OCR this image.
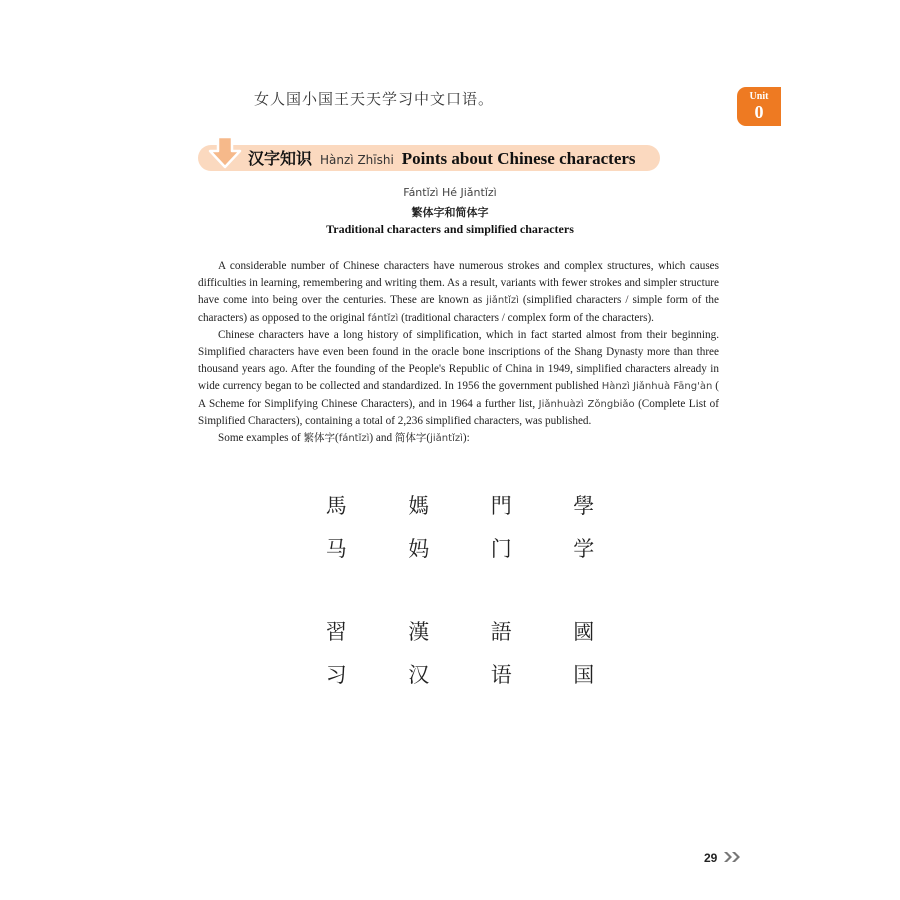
女人国小国王天天学习中文口语。	Unit
0
汉字知识 Hànzì Zhīshi Points about Chinese characters
Fántǐzì Hé Jiǎntǐzì
繁体字和简体字
Traditional characters and simplified characters

A considerable number of Chinese characters have numerous strokes and complex structures, which causes difficulties in learning, remembering and writing them. As a result, variants with fewer strokes and simpler structure have come into being over the centuries. These are known as jiǎntǐzì (simplified characters / simple form of the characters) as opposed to the original fántǐzì (traditional characters / complex form of the characters).

Chinese characters have a long history of simplification, which in fact started almost from their beginning. Simplified characters have even been found in the oracle bone inscriptions of the Shang Dynasty more than three thousand years ago. After the founding of the People's Republic of China in 1949, simplified characters already in wide currency began to be collected and standardized. In 1956 the government published Hànzì Jiǎnhuà Fāng'àn ( A Scheme for Simplifying Chinese Characters), and in 1964 a further list, Jiǎnhuàzì Zǒngbiǎo (Complete List of Simplified Characters), containing a total of 2,236 simplified characters, was published.

Some examples of 繁体字(fántǐzì) and 简体字(jiǎntǐzì):

馬	媽	門	學
马	妈	门	学
習	漢	語	國
习	汉	语	国
29
